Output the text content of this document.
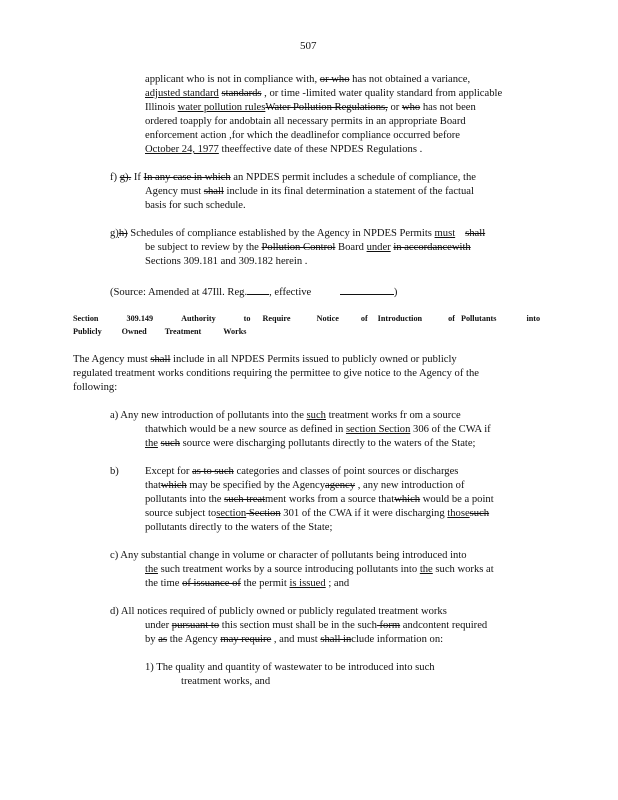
507
applicant who is not in compliance with, or who has not obtained a variance,
adjusted standard standards , or time -limited water quality standard from applicable
Illinois water pollution rulesWater Pollution Regulations, or who has not been
ordered toapply for andobtain all necessary permits in an appropriate Board
enforcement action ,for which the deadlinefor compliance occurred before
October 24, 1977 theeffective date of these NPDES Regulations .
f) g). If In any case in which an NPDES permit includes a schedule of compliance, the
Agency must shall include in its final determination a statement of the factual
basis for such schedule.
g)h) Schedules of compliance established by the Agency in NPDES Permits must shall
be subject to review by the Pollution Control Board under in accordancewith
Sections 309.181 and 309.182 herein .
(Source: Amended at 47Ill. Reg. , effective	)
Section	309.149	Authority	to Require	Notice	of Introduction	of Pollutants	into
Publicly Owned Treatment	Works
The Agency must shall include in all NPDES Permits issued to publicly owned or publicly
regulated treatment works conditions requiring the permittee to give notice to the Agency of the
following:
a) Any new introduction of pollutants into the such treatment works fr om a source
thatwhich would be a new source as defined in section Section 306 of the CWA if
the such source were discharging pollutants directly to the waters of the State;
b) Except for as to such categories and classes of point sources or discharges
thatwhich may be specified by the Agencyagency , any new introduction of
pollutants into the such treatment works from a source thatwhich would be a point
source subject tosection Section 301 of the CWA if it were discharging thosesuch
pollutants directly to the waters of the State;
c) Any substantial change in volume or character of pollutants being introduced into
the such treatment works by a source introducing pollutants into the such works at
the time of issuance of the permit is issued ; and
d) All notices required of publicly owned or publicly regulated treatment works
under pursuant to this section must shall be in the such form andcontent required
by as the Agency may require , and must shall include information on:
1) The quality and quantity of wastewater to be introduced into such
treatment works, and
